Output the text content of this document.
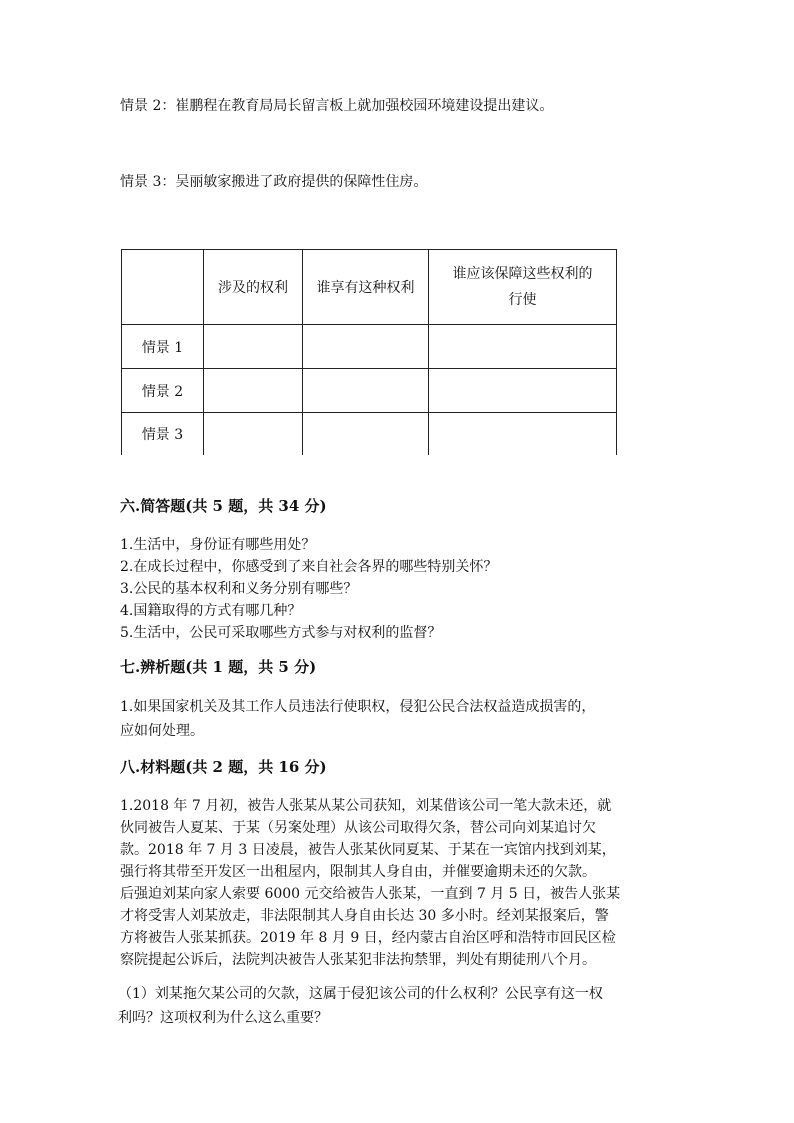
情景 2：崔鹏程在教育局局长留言板上就加强校园环境建设提出建议。
情景 3：吴丽敏家搬进了政府提供的保障性住房。
	涉及的权利	谁享有这种权利	谁应该保障这些权利的
行使

情景 1			
情景 2			
情景 3			
六.简答题(共 5 题，共 34 分)
1.生活中，身份证有哪些用处？
2.在成长过程中，你感受到了来自社会各界的哪些特别关怀？
3.公民的基本权利和义务分别有哪些？
4.国籍取得的方式有哪几种？
5.生活中，公民可采取哪些方式参与对权利的监督？
七.辨析题(共 1 题，共 5 分)
1.如果国家机关及其工作人员违法行使职权，侵犯公民合法权益造成损害的，
应如何处理。
八.材料题(共 2 题，共 16 分)
1.2018 年 7 月初，被告人张某从某公司获知，刘某借该公司一笔大款未还，就
伙同被告人夏某、于某（另案处理）从该公司取得欠条，替公司向刘某追讨欠
款。2018 年 7 月 3 日凌晨，被告人张某伙同夏某、于某在一宾馆内找到刘某，
强行将其带至开发区一出租屋内，限制其人身自由，并催要逾期未还的欠款。
后强迫刘某向家人索要 6000 元交给被告人张某，一直到 7 月 5 日，被告人张某
才将受害人刘某放走，非法限制其人身自由长达 30 多小时。经刘某报案后，警
方将被告人张某抓获。2019 年 8 月 9 日，经内蒙古自治区呼和浩特市回民区检
察院提起公诉后，法院判决被告人张某犯非法拘禁罪，判处有期徒刑八个月。
（1）刘某拖欠某公司的欠款，这属于侵犯该公司的什么权利？公民享有这一权
利吗？这项权利为什么这么重要？
